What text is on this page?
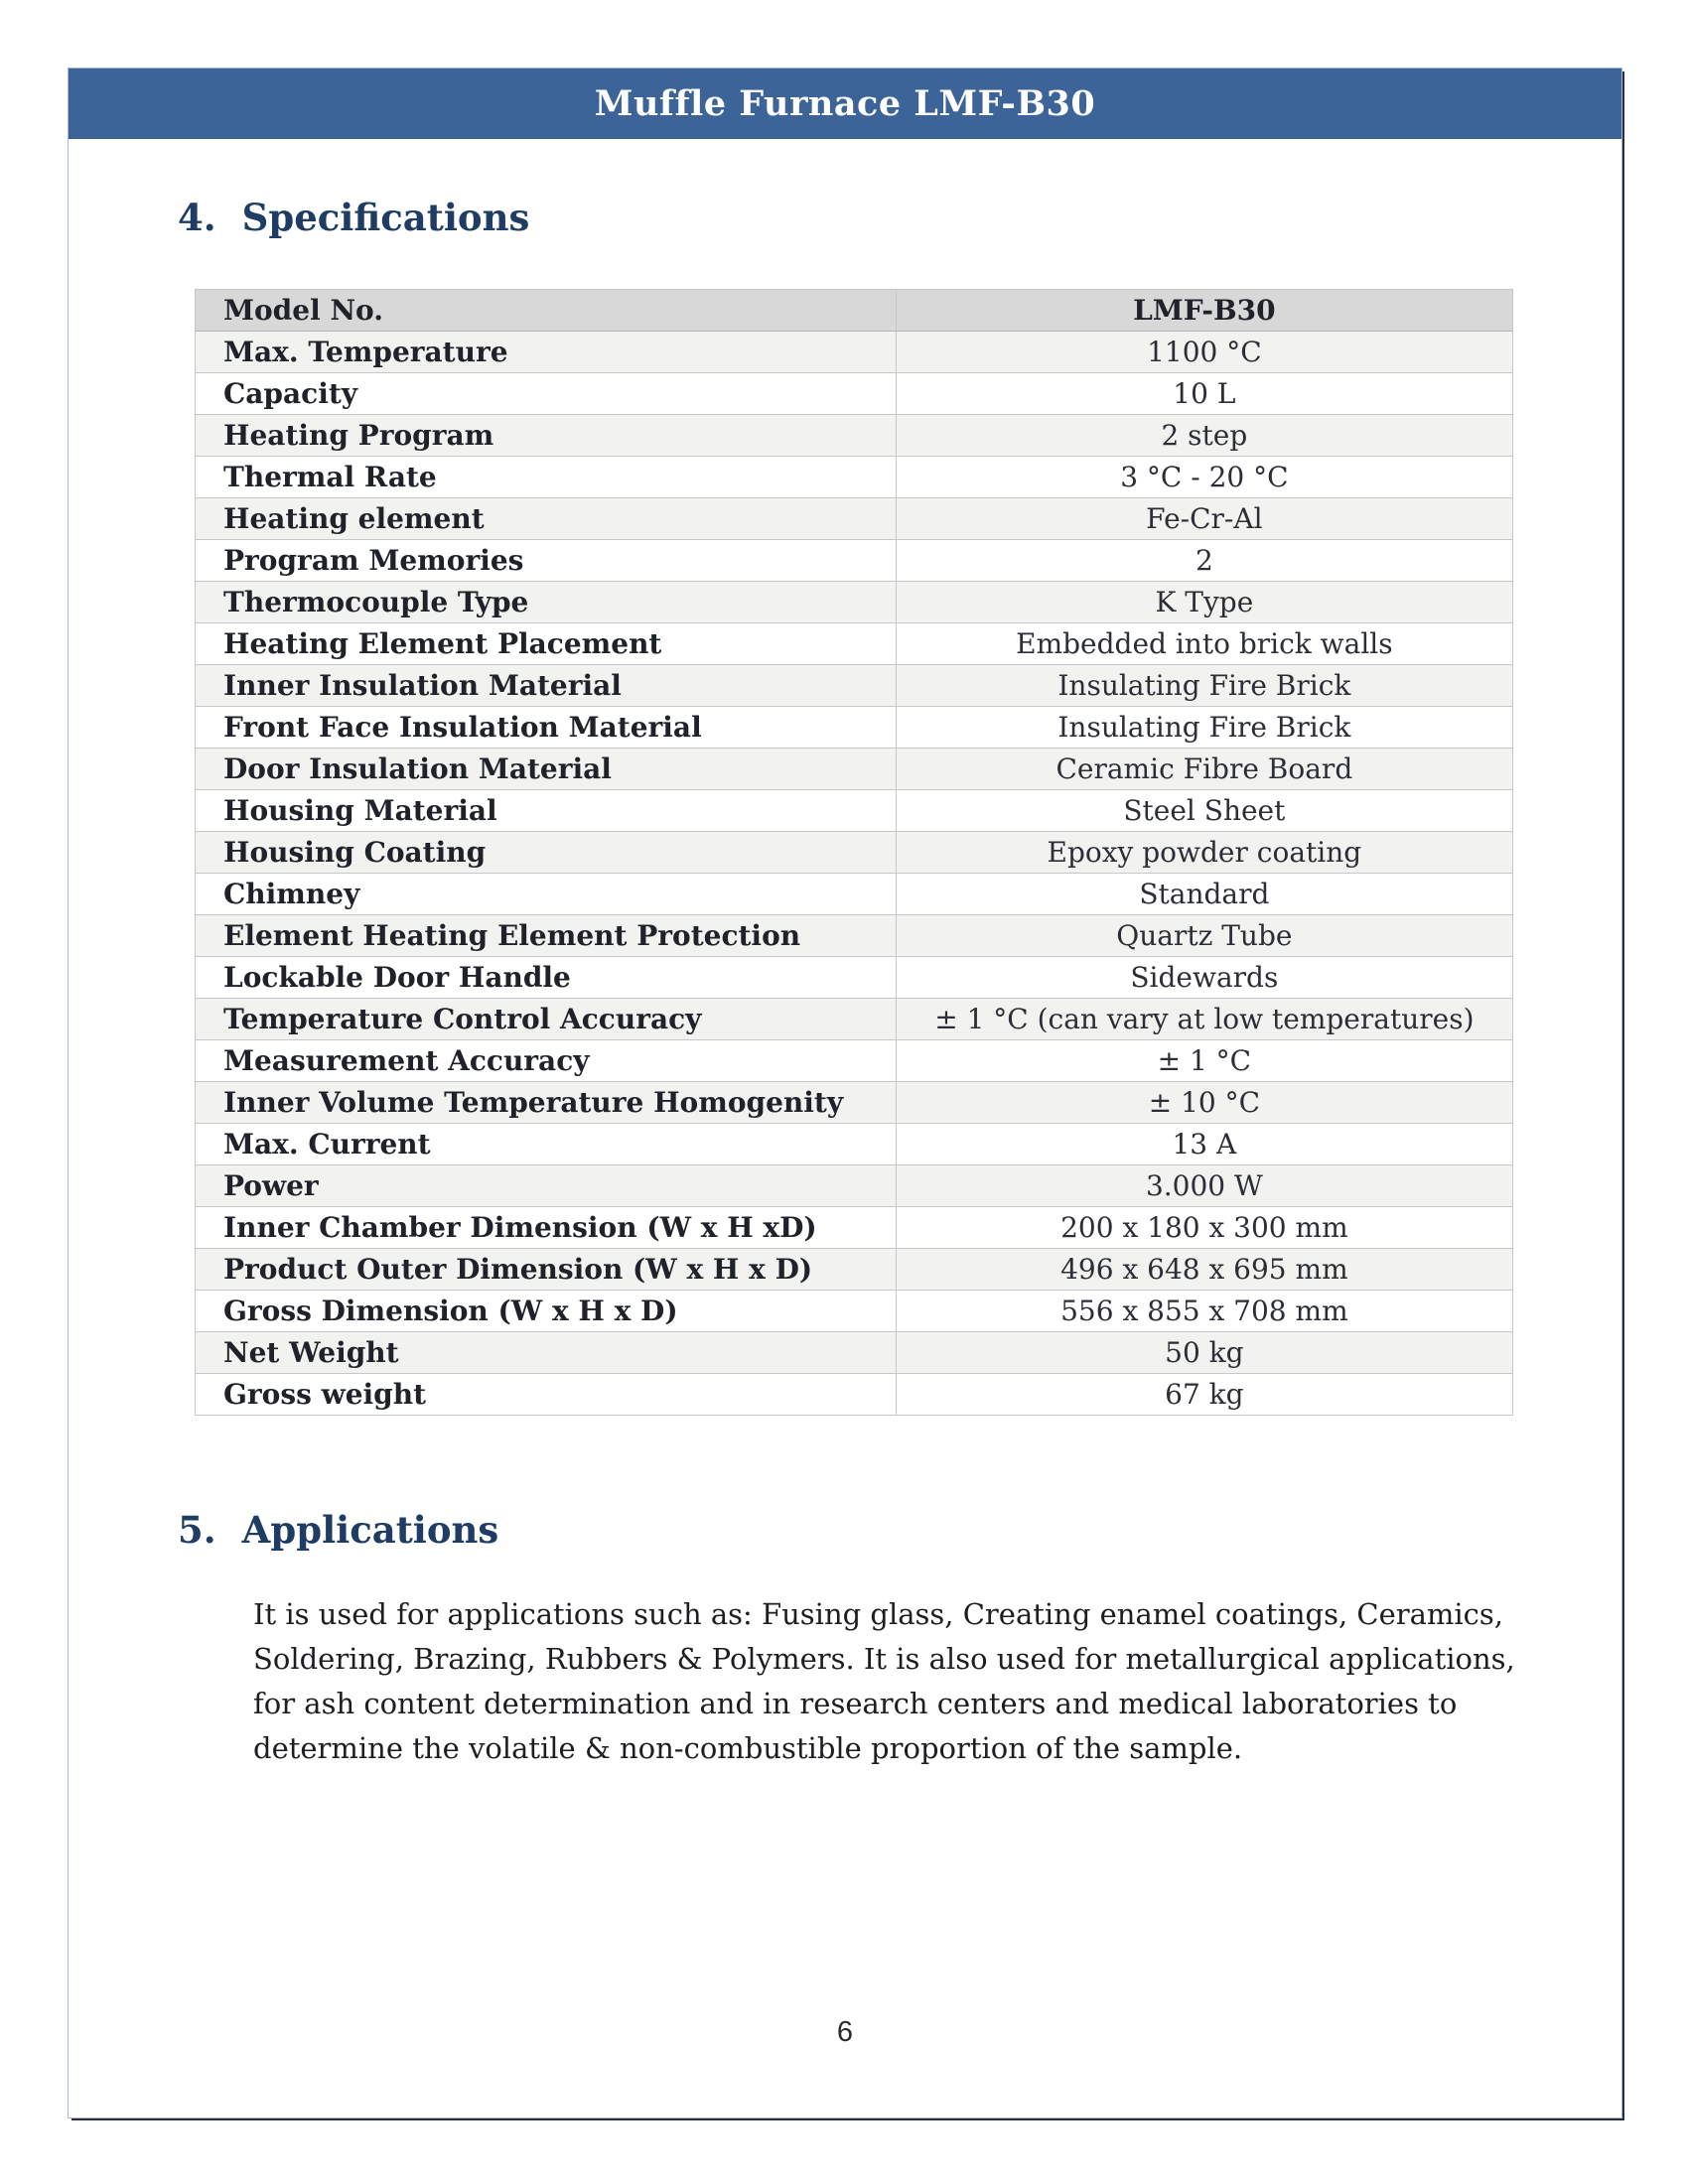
Muffle Furnace LMF-B30
4. Specifications
Model No.	LMF-B30
Max. Temperature	1100 °C
Capacity	10 L
Heating Program	2 step
Thermal Rate	3 °C - 20 °C
Heating element	Fe-Cr-Al
Program Memories	2
Thermocouple Type	K Type
Heating Element Placement	Embedded into brick walls
Inner Insulation Material	Insulating Fire Brick
Front Face Insulation Material	Insulating Fire Brick
Door Insulation Material	Ceramic Fibre Board
Housing Material	Steel Sheet
Housing Coating	Epoxy powder coating
Chimney	Standard
Element Heating Element Protection	Quartz Tube
Lockable Door Handle	Sidewards
Temperature Control Accuracy	± 1 °C (can vary at low temperatures)
Measurement Accuracy	± 1 °C
Inner Volume Temperature Homogenity	± 10 °C
Max. Current	13 A
Power	3.000 W
Inner Chamber Dimension (W x H xD)	200 x 180 x 300 mm
Product Outer Dimension (W x H x D)	496 x 648 x 695 mm
Gross Dimension (W x H x D)	556 x 855 x 708 mm
Net Weight	50 kg
Gross weight	67 kg
5. Applications
It is used for applications such as: Fusing glass, Creating enamel coatings, Ceramics, Soldering, Brazing, Rubbers & Polymers. It is also used for metallurgical applications, for ash content determination and in research centers and medical laboratories to determine the volatile & non-combustible proportion of the sample.
6
